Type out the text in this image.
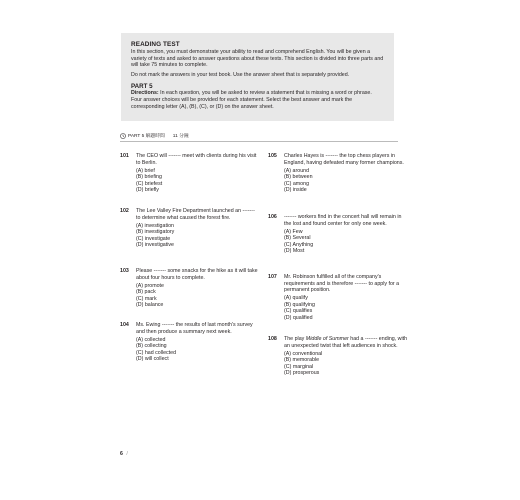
READING TEST

In this section, you must demonstrate your ability to read and comprehend English. You will be given a variety of texts and asked to answer questions about these texts. This section is divided into three parts and will take 75 minutes to complete.

Do not mark the answers in your test book. Use the answer sheet that is separately provided.

PART 5

Directions: In each question, you will be asked to review a statement that is missing a word or phrase. Four answer choices will be provided for each statement. Select the best answer and mark the corresponding letter (A), (B), (C), or (D) on the answer sheet.

PART 5 解題時間 11 分鐘
101	The CEO will ------- meet with clients during his visit to Berlin.
(A) brief
(B) briefing
(C) briefest
(D) briefly
102	The Lee Valley Fire Department launched an ------- to determine what caused the forest fire.
(A) investigation
(B) investigatory
(C) investigate
(D) investigative
103	Please ------- some snacks for the hike as it will take about four hours to complete.
(A) promote
(B) pack
(C) mark
(D) balance
104	Ms. Ewing ------- the results of last month's survey and then produce a summary next week.
(A) collected
(B) collecting
(C) had collected
(D) will collect
105	Charles Hayes is ------- the top chess players in England, having defeated many former champions.
(A) around
(B) between
(C) among
(D) inside
106	------- workers find in the concert hall will remain in the lost and found center for only one week.
(A) Few
(B) Several
(C) Anything
(D) Most
107	Mr. Robinson fulfilled all of the company's requirements and is therefore ------- to apply for a permanent position.
(A) qualify
(B) qualifying
(C) qualifies
(D) qualified
108	The play Middle of Summer had a ------- ending, with an unexpected twist that left audiences in shock.
(A) conventional
(B) memorable
(C) marginal
(D) prosperous
6 /
